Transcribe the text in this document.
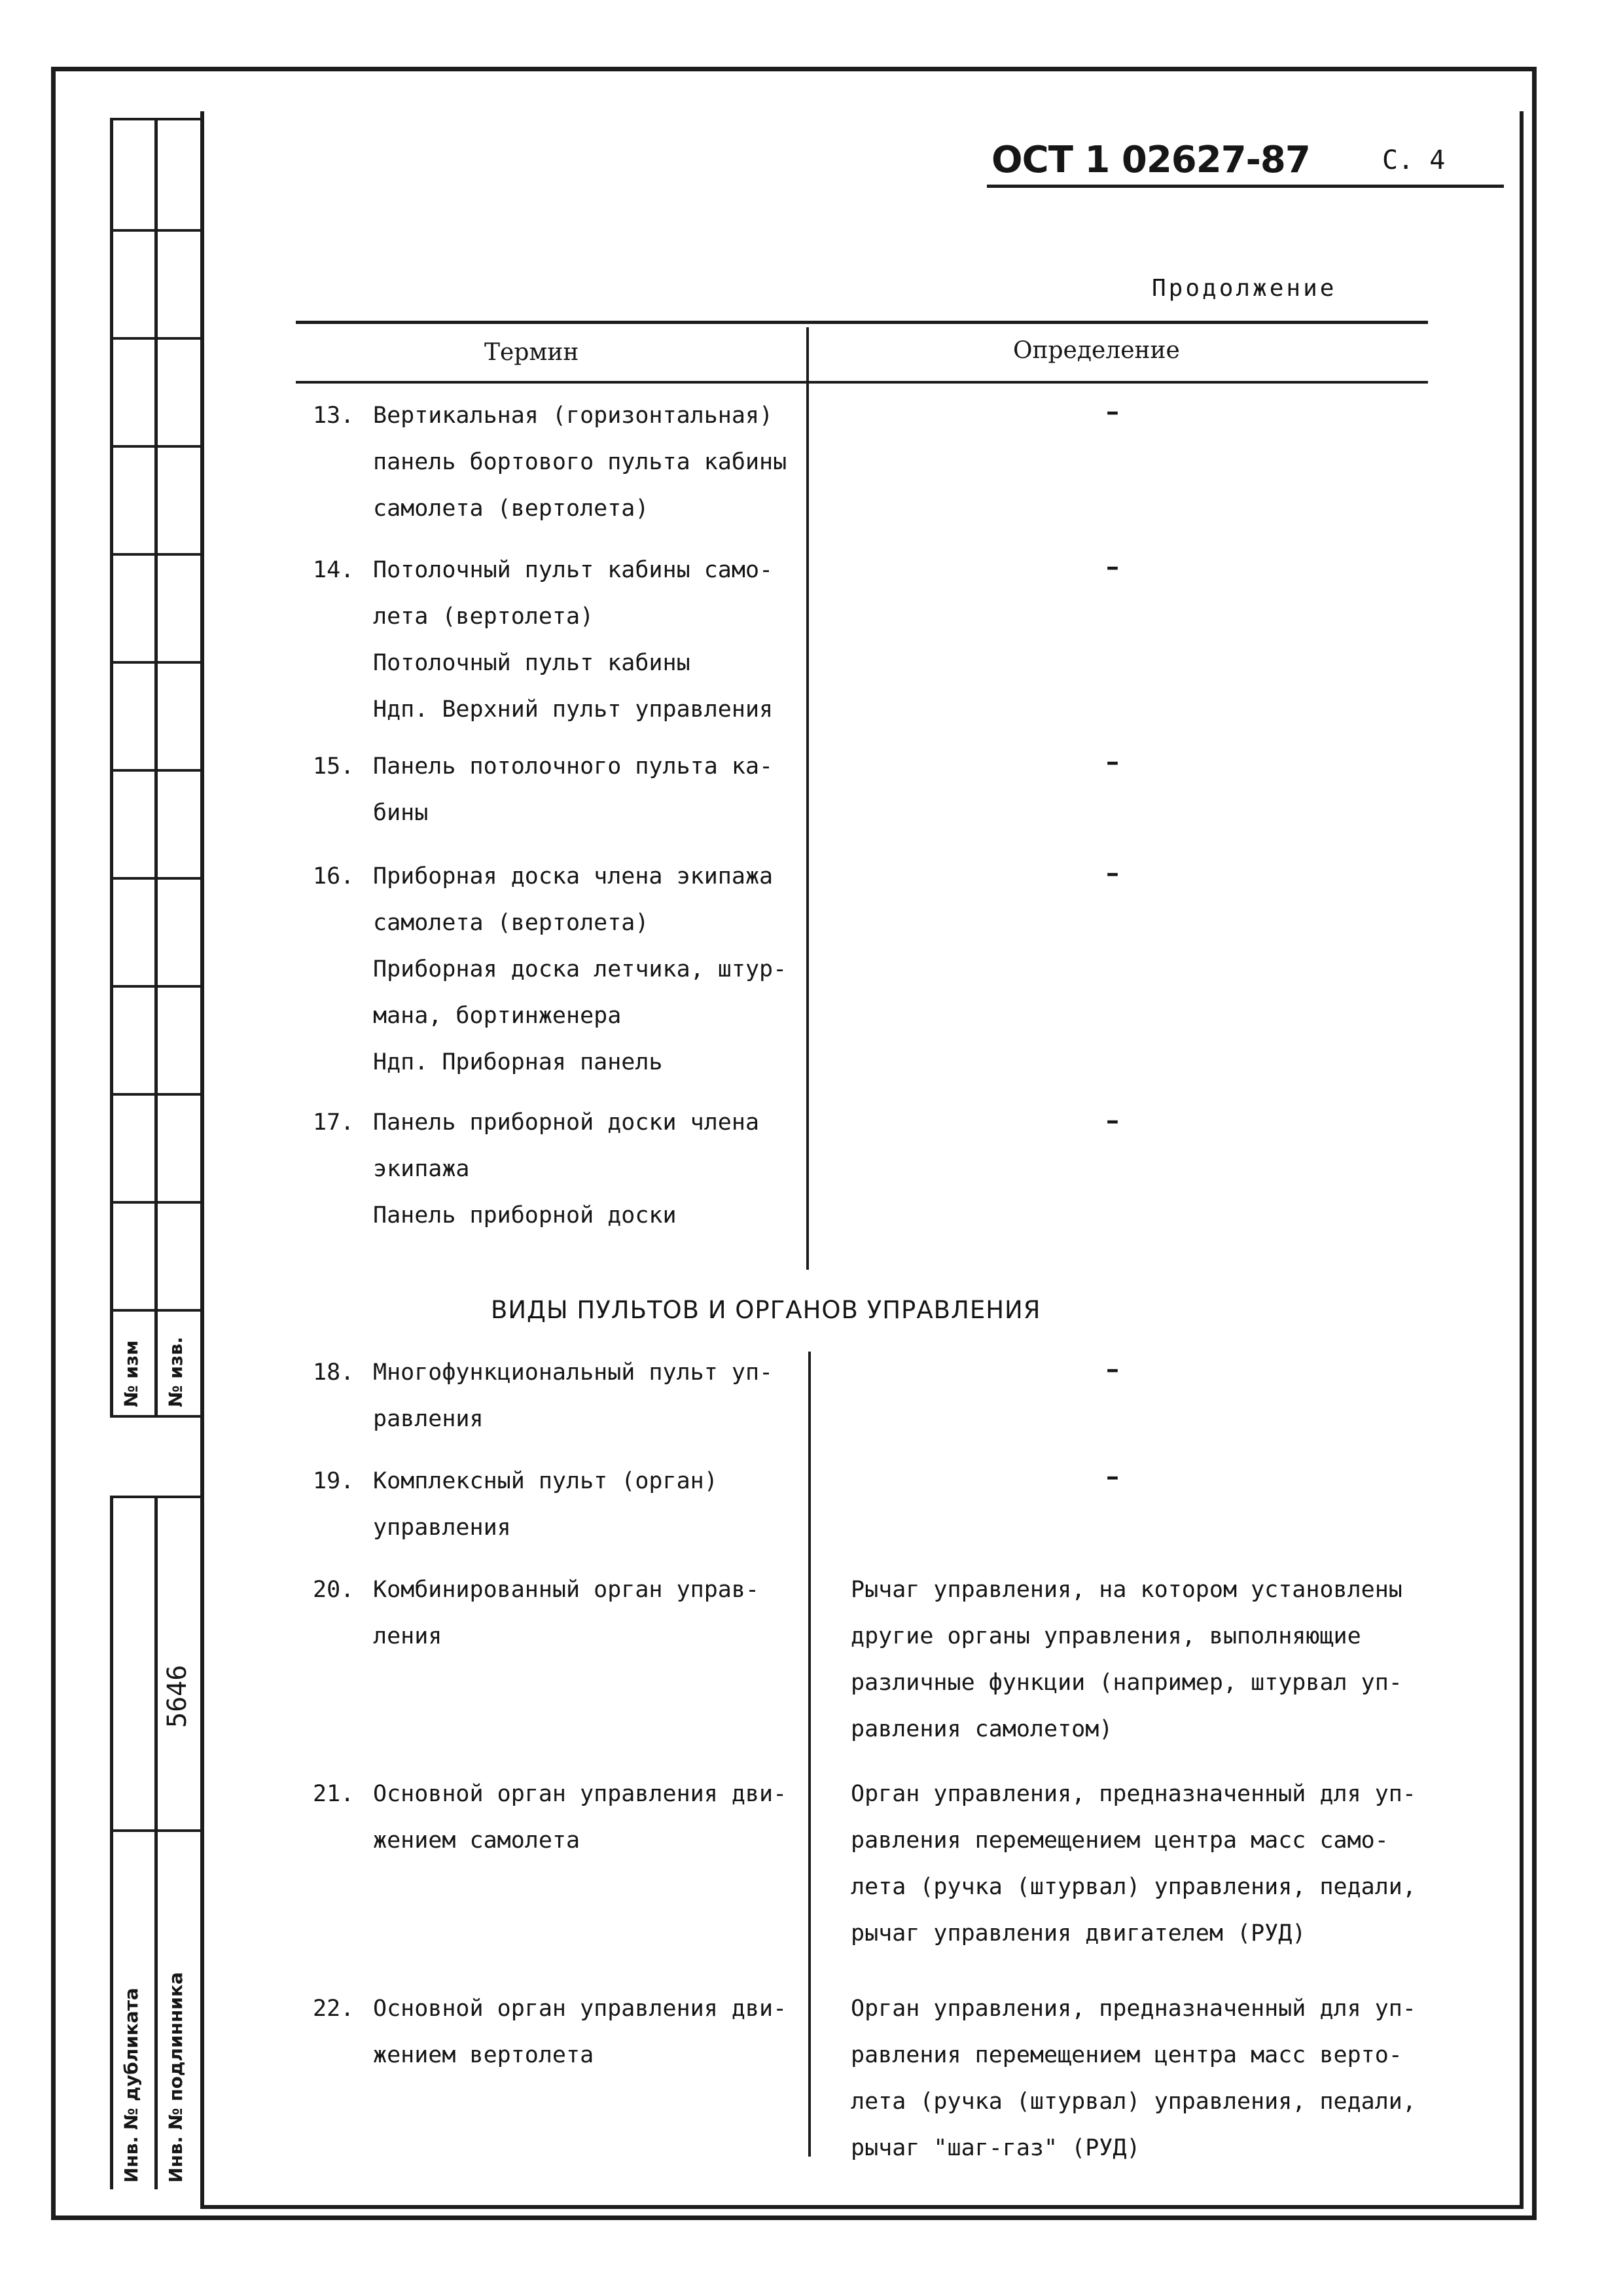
№ изм № изв.
5646
Инв. № дубликата Инв. № подлинника
ОСТ 1 02627-87	С. 4
Продолжение
Термин	Определение
13. Вертикальная (горизонтальная)
панель бортового пульта кабины
самолета (вертолета)
–
14. Потолочный пульт кабины само-
лета (вертолета)
Потолочный пульт кабины
Ндп. Верхний пульт управления
–
15. Панель потолочного пульта ка-
бины
–
16. Приборная доска члена экипажа
самолета (вертолета)
Приборная доска летчика, штур-
мана, бортинженера
Ндп. Приборная панель
–
17. Панель приборной доски члена
экипажа
Панель приборной доски
–
ВИДЫ ПУЛЬТОВ И ОРГАНОВ УПРАВЛЕНИЯ
18. Многофункциональный пульт уп-
равления
–
19. Комплексный пульт (орган)
управления
–
20. Комбинированный орган управ-
ления
Рычаг управления, на котором установлены
другие органы управления, выполняющие
различные функции (например, штурвал уп-
равления самолетом)
21. Основной орган управления дви-
жением самолета
Орган управления, предназначенный для уп-
равления перемещением центра масс само-
лета (ручка (штурвал) управления, педали,
рычаг управления двигателем (РУД)
22. Основной орган управления дви-
жением вертолета
Орган управления, предназначенный для уп-
равления перемещением центра масс верто-
лета (ручка (штурвал) управления, педали,
рычаг "шаг-газ" (РУД)
